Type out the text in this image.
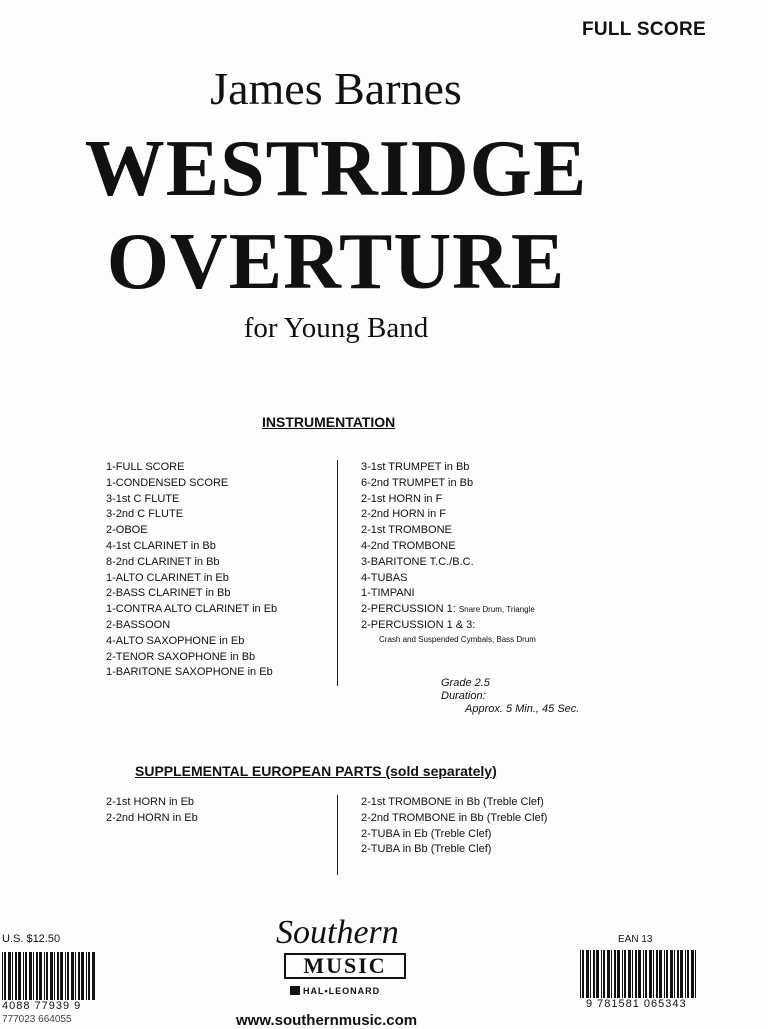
FULL SCORE
James Barnes
WESTRIDGE
OVERTURE
for Young Band
INSTRUMENTATION
1-FULL SCORE
1-CONDENSED SCORE
3-1st C FLUTE
3-2nd C FLUTE
2-OBOE
4-1st CLARINET in Bb
8-2nd CLARINET in Bb
1-ALTO CLARINET in Eb
2-BASS CLARINET in Bb
1-CONTRA ALTO CLARINET in Eb
2-BASSOON
4-ALTO SAXOPHONE in Eb
2-TENOR SAXOPHONE in Bb
1-BARITONE SAXOPHONE in Eb
3-1st TRUMPET in Bb
6-2nd TRUMPET in Bb
2-1st HORN in F
2-2nd HORN in F
2-1st TROMBONE
4-2nd TROMBONE
3-BARITONE T.C./B.C.
4-TUBAS
1-TIMPANI
2-PERCUSSION 1: Snare Drum, Triangle
2-PERCUSSION 1 & 3:
Crash and Suspended Cymbals, Bass Drum
Grade 2.5
Duration:
Approx. 5 Min., 45 Sec.
SUPPLEMENTAL EUROPEAN PARTS (sold separately)
2-1st HORN in Eb
2-2nd HORN in Eb
2-1st TROMBONE in Bb (Treble Clef)
2-2nd TROMBONE in Bb (Treble Clef)
2-TUBA in Eb (Treble Clef)
2-TUBA in Bb (Treble Clef)
U.S. $12.50
4088 77939 9
777023 664055
Southern
MUSIC
HAL•LEONARD
www.southernmusic.com
EAN 13
9 781581 065343
